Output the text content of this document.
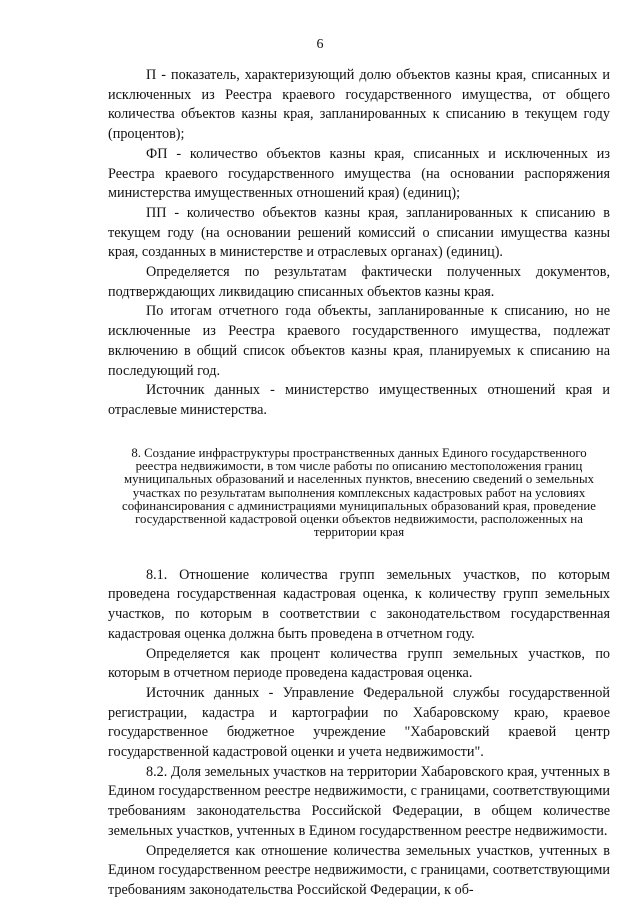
6

П - показатель, характеризующий долю объектов казны края, списанных и исключенных из Реестра краевого государственного имущества, от общего количества объектов казны края, запланированных к списанию в текущем году (процентов);

ФП - количество объектов казны края, списанных и исключенных из Реестра краевого государственного имущества (на основании распоряжения министерства имущественных отношений края) (единиц);

ПП - количество объектов казны края, запланированных к списанию в текущем году (на основании решений комиссий о списании имущества казны края, созданных в министерстве и отраслевых органах) (единиц).

Определяется по результатам фактически полученных документов, подтверждающих ликвидацию списанных объектов казны края.

По итогам отчетного года объекты, запланированные к списанию, но не исключенные из Реестра краевого государственного имущества, подлежат включению в общий список объектов казны края, планируемых к списанию на последующий год.

Источник данных - министерство имущественных отношений края и отраслевые министерства.

8. Создание инфраструктуры пространственных данных Единого государственного реестра недвижимости, в том числе работы по описанию местоположения границ муниципальных образований и населенных пунктов, внесению сведений о земельных участках по результатам выполнения комплексных кадастровых работ на условиях софинансирования с администрациями муниципальных образований края, проведение государственной кадастровой оценки объектов недвижимости, расположенных на территории края

8.1. Отношение количества групп земельных участков, по которым проведена государственная кадастровая оценка, к количеству групп земельных участков, по которым в соответствии с законодательством государственная кадастровая оценка должна быть проведена в отчетном году.

Определяется как процент количества групп земельных участков, по которым в отчетном периоде проведена кадастровая оценка.

Источник данных - Управление Федеральной службы государственной регистрации, кадастра и картографии по Хабаровскому краю, краевое государственное бюджетное учреждение "Хабаровский краевой центр государственной кадастровой оценки и учета недвижимости".

8.2. Доля земельных участков на территории Хабаровского края, учтенных в Едином государственном реестре недвижимости, с границами, соответствующими требованиям законодательства Российской Федерации, в общем количестве земельных участков, учтенных в Едином государственном реестре недвижимости.

Определяется как отношение количества земельных участков, учтенных в Едином государственном реестре недвижимости, с границами, соответствующими требованиям законодательства Российской Федерации, к об-
